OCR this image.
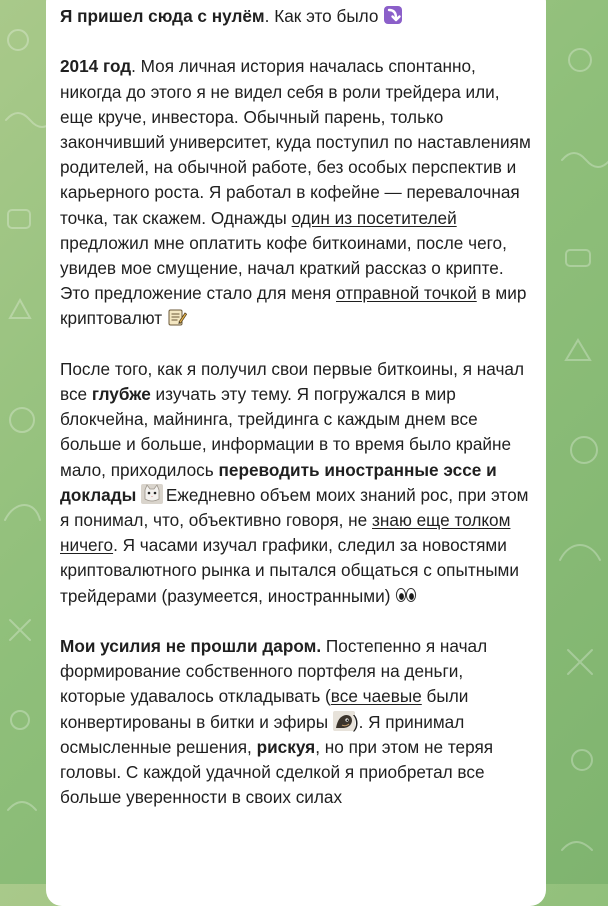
Я пришел сюда с нулём. Как это было

2014 год. Моя личная история началась спонтанно, никогда до этого я не видел себя в роли трейдера или, еще круче, инвестора. Обычный парень, только закончивший университет, куда поступил по наставлениям родителей, на обычной работе, без особых перспектив и карьерного роста. Я работал в кофейне — перевалочная точка, так скажем. Однажды один из посетителей предложил мне оплатить кофе биткоинами, после чего, увидев мое смущение, начал краткий рассказ о крипте. Это предложение стало для меня отправной точкой в мир криптовалют

После того, как я получил свои первые биткоины, я начал все глубже изучать эту тему. Я погружался в мир блокчейна, майнинга, трейдинга с каждым днем все больше и больше, информации в то время было крайне мало, приходилось переводить иностранные эссе и доклады  Ежедневно объем моих знаний рос, при этом я понимал, что, объективно говоря, не знаю еще толком ничего. Я часами изучал графики, следил за новостями криптовалютного рынка и пытался общаться с опытными трейдерами (разумеется, иностранными)

Мои усилия не прошли даром. Постепенно я начал формирование собственного портфеля на деньги, которые удавалось откладывать (все чаевые были конвертированы в битки и эфиры ). Я принимал осмысленные решения, рискуя, но при этом не теряя головы. С каждой удачной сделкой я приобретал все больше уверенности в своих силах
